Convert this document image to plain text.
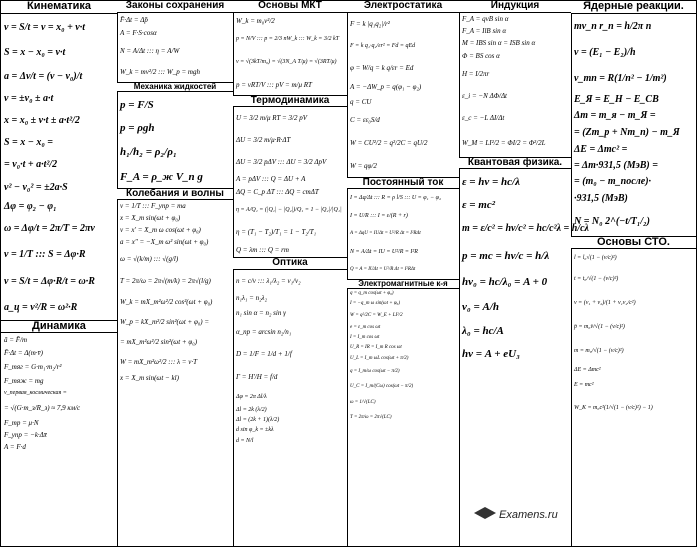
Кинематика
v = S/t = v = x₀ + v·t
S = x − x₀ = v·t
a = Δv/t = (v − v₀)/t
v = ±v₀ ± a·t
x = x₀ ± v·t ± a·t²/2
S = x − x₀ =
= v₀·t + a·t²/2
v² − v₀² = ±2a·S
Δφ = φ₂ − φ₁
ω = Δφ/t = 2π/T = 2πν
ν = 1/T ::: S = Δφ·R
v = S/t = Δφ·R/t = ω·R
a_ц = v²/R = ω²·R
Динамика
ā = F̄/m
F̄·Δt = Δ(m·v̄)
F_тяг = G·m₁·m₂/r²
F_тяж = mg
v_первая_космическая =
= √(G·m_з/R_з) ≈ 7,9 км/с
F_тр = μ·N
F_упр = −k·Δx̄
A = F·d
Законы сохранения
F̄·Δt = Δp̄
A = F·S·cosα
N = A/Δt ::: η = A/W
W_k = mv²/2 ::: W_p = mgh
Механика жидкостей
p = F/S
p = ρgh
h₁/h₂ = ρ₂/ρ₁
F_A = ρ_ж V_п g
Колебания и волны
ν = 1/T ::: F_упр = ma
x = X_m sin(ωt + φ₀)
v = x′ = X_m ω cos(ωt + φ₀)
a = x″ = −X_m ω² sin(ωt + φ₀)
ω = √(k/m) ::: √(g/l)
T = 2π/ω = 2π√(m/k) = 2π√(l/g)
W_k = mX_m²ω²/2 cos²(ωt + φ₀)
W_p = kX_m²/2 sin²(ωt + φ₀) =
= mX_m²ω²/2 sin²(ωt + φ₀)
W = mX_m²ω²/2 ::: λ = v·T
x = X_m sin(ωt − kl)
Основы МКТ
W_k = m₀v²/2
p = N/V ::: p = 2/3 nW_k ::: W_k = 3/2 kT
v = √(3kT/m₀) = √(3N_A T/μ) = √(3RT/μ)
p = νRT/V ::: pV = m/μ RT
Термодинамика
U = 3/2 m/μ RT = 3/2 pV
ΔU = 3/2 m/μ·R·ΔT
ΔU = 3/2 pΔV ::: ΔU = 3/2 ΔpV
A = pΔV ::: Q = ΔU + A
ΔQ = C_p ΔT ::: ΔQ = cmΔT
η = A/Q₁ = (|Q₁| − |Q₂|)/Q₁ = 1 − |Q₂|/|Q₁|
η = (T₁ − T₂)/T₁ = 1 − T₂/T₁
Q = λm ::: Q = rm
Оптика
n = c/v ::: λ₁/λ₂ = v₁/v₂
n₁λ₁ = n₂λ₂
n₁ sin α = n₂ sin γ
α_пр = arcsin n₂/n₁
D = 1/F = 1/d + 1/f
Г = H′/H = f/d
Δφ = 2π Δl/λ
Δl = 2k (λ/2)
Δl = (2k + 1)(λ/2)
d sin φ_k = ±kλ
d = N/l
Электростатика
F = k |q₁q₂|/r²
F = k q₁·q₂/εr² = Fd = qEd
φ = W/q = k q/εr = Ed
A = −ΔW_p = q(φ₁ − φ₂)
q = CU
C = εε₀S/d
W = CU²/2 = q²/2C = qU/2
W = qφ/2
Постоянный ток
I = Δq/Δt ::: R = ρ l/S ::: U = φ₁ − φ₂
I = U/R ::: I = ε/(R + r)
A = ΔqU = IUΔt = U²/R Δt = I²RΔt
N = A/Δt = IU = U²/R = I²R
Q = A = IUΔt = U²/R Δt = I²RΔt
Электромагнитные к-я
q = q_m cos(ωt + φ₀)
I = −q_m ω sin(ωt + φ₀)
W = q²/2C = W_E + LI²/2
e = ε_m cos ωt
I = I_m cos ωt
U_R = IR = I_m R cos ωt
U_L = I_m ωL cos(ωt + π/2)
q = I_m/ω cos(ωt − π/2)
U_C = I_m/(Cω) cos(ωt − π/2)
ω = 1/√(LC)
T = 2π/ω = 2π√(LC)
Индукция
F_A = qvB sin α
F_A = IlB sin α
M = IBS sin α = ISB sin α
Φ = BS cos α
H = I/2πr
ε_i = −N ΔΦ/Δt
ε_c = −L ΔI/Δt
W_M = LI²/2 = ΦI/2 = Φ²/2L
Квантовая физика.
ε = hν = hc/λ
ε = mc²
m = ε/c² = hν/c² = hc/c²λ = h/cλ
p = mc = hν/c = h/λ
hν₀ = hc/λ₀ = A + 0
ν₀ = A/h
λ₀ = hc/A
hν = A + eU₃
Ядерные реакции.
mv_n r_n = h/2π n
ν = (E₁ − E₂)/h
ν_mn = R(1/n² − 1/m²)
E_Я = E_H − E_CB
Δm = m_я − m_Я =
= (Zm_p + Nm_n) − m_Я
ΔE = Δmc² =
= Δm·931,5 (МэВ) =
= (m₀ − m_после)·
·931,5 (МэВ)
N = N₀ 2^(−t/T₁/₂)
Основы СТО.
l = l₀√(1 − (v/c)²)
t = t₀/√(1 − (v/c)²)
v = (v₁ + v₂)/(1 + v₁v₂/c²)
p̄ = m₀v̄/√(1 − (v/c)²)
m = m₀/√(1 − (v/c)²)
ΔE = Δmc²
E = mc²
W_K = m₀c²(1/√(1 − (v/c)²) − 1)
Examens.ru
